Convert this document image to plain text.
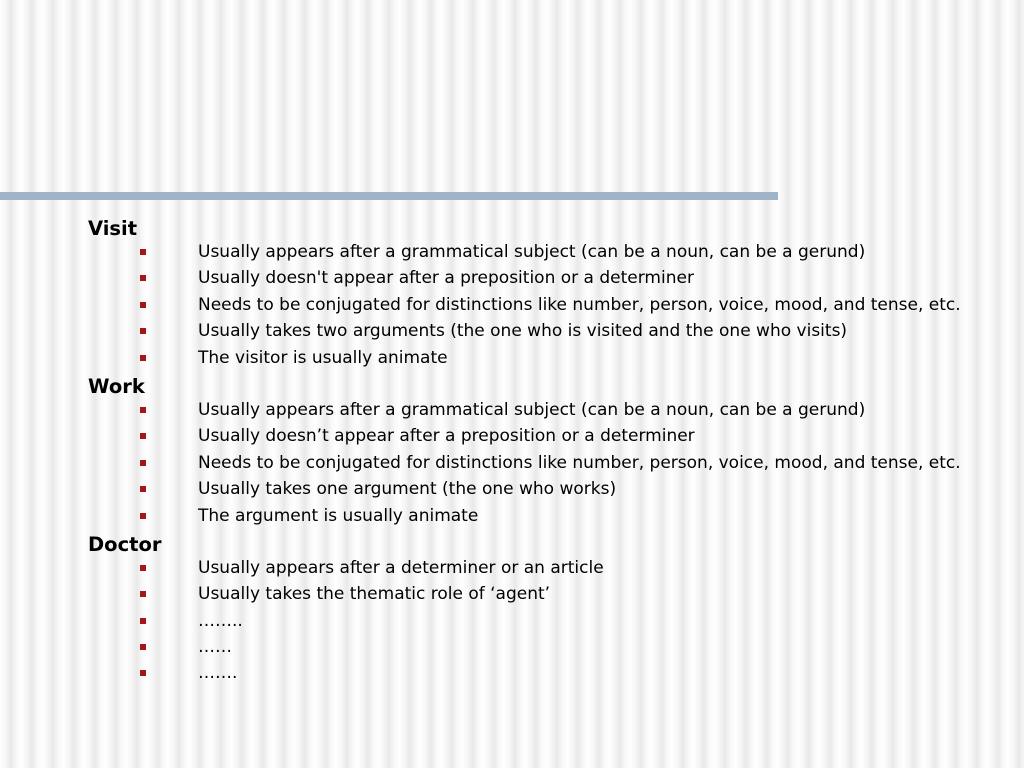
Visit
Usually appears after a grammatical subject (can be a noun, can be a gerund)
Usually doesn't appear after a preposition or a determiner
Needs to be conjugated for distinctions like number, person, voice, mood, and tense, etc.
Usually takes two arguments (the one who is visited and the one who visits)
The visitor is usually animate
Work
Usually appears after a grammatical subject (can be a noun, can be a gerund)
Usually doesn’t appear after a preposition or a determiner
Needs to be conjugated for distinctions like number, person, voice, mood, and tense, etc.
Usually takes one argument (the one who works)
The argument is usually animate
Doctor
Usually appears after a determiner or an article
Usually takes the thematic role of ‘agent’
……..
……
…….
